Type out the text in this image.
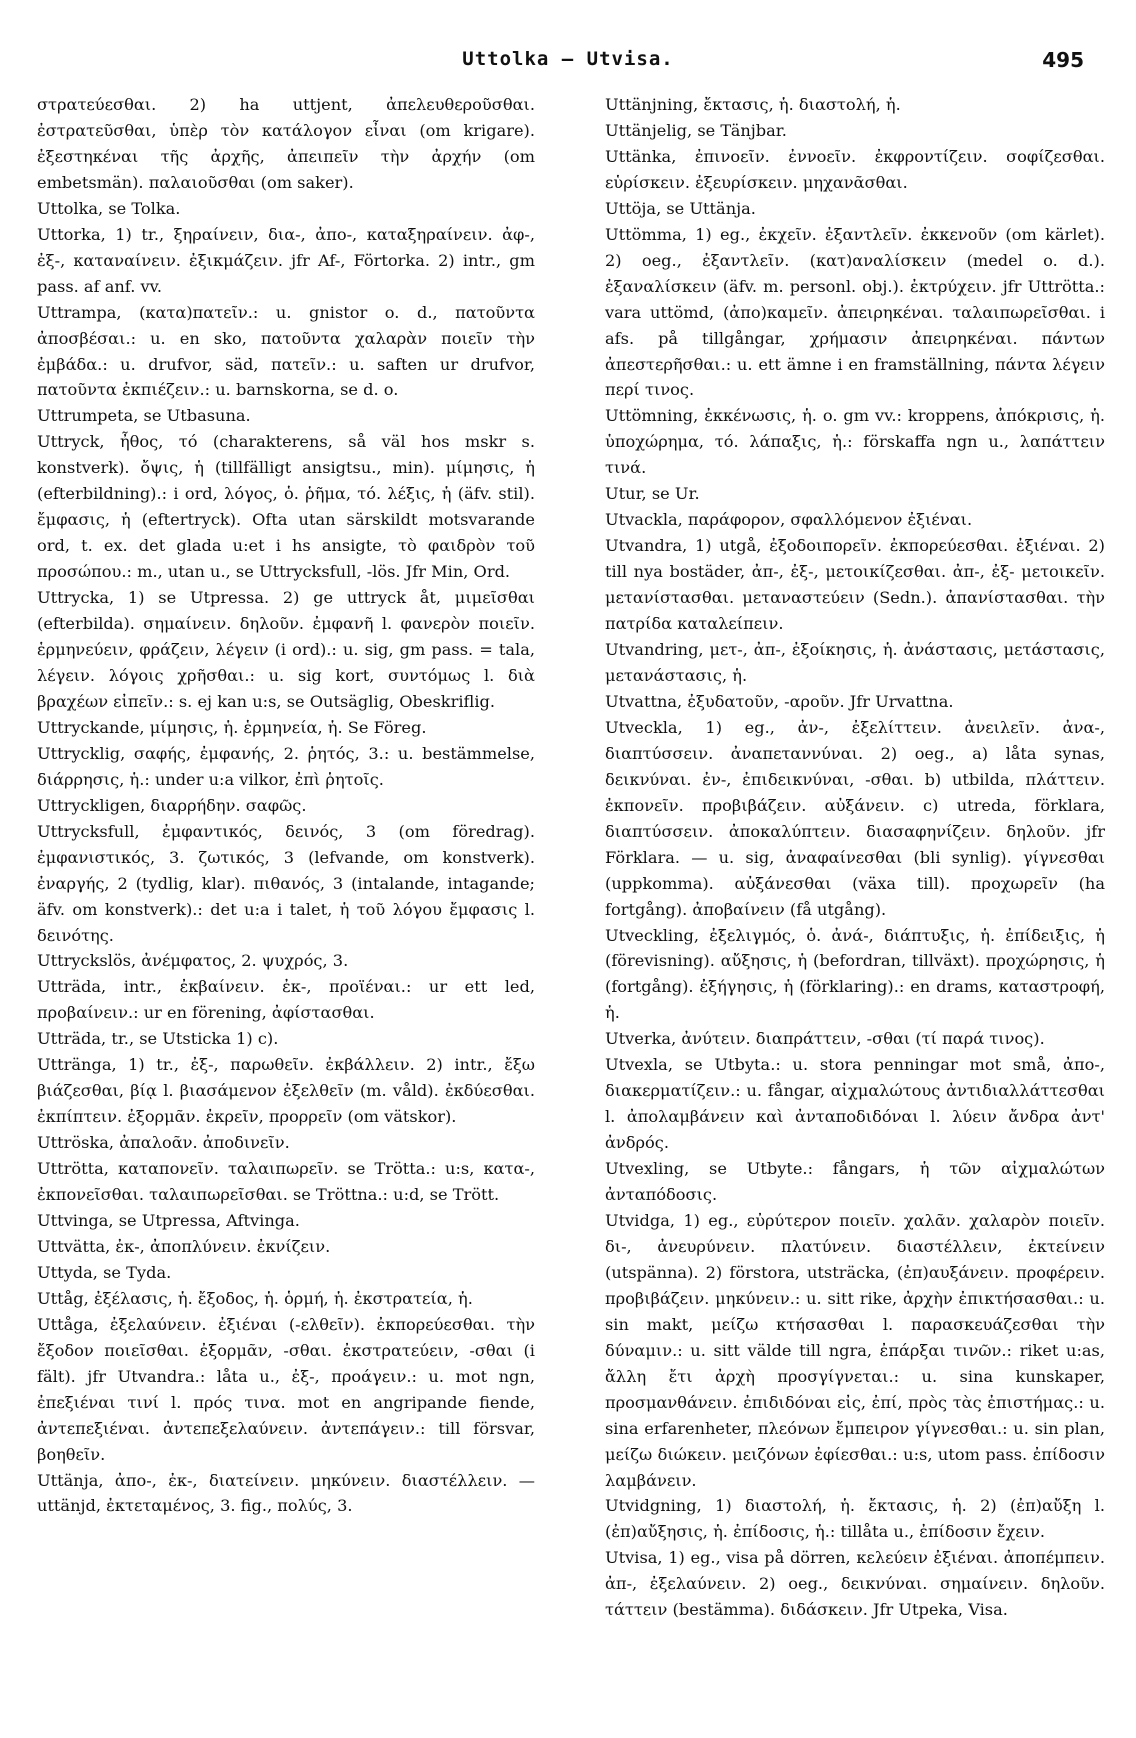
Uttolka — Utvisa.	495

στρατεύεσθαι. 2) ha uttjent, ἀπελευθεροῦσθαι. ἐστρατεῦσθαι, ὑπὲρ τὸν κατάλογον εἶναι (om krigare). ἐξεστηκέναι τῆς ἀρχῆς, ἀπειπεῖν τὴν ἀρχήν (om embetsmän). παλαιοῦσθαι (om saker).

Uttolka, se Tolka.

Uttorka, 1) tr., ξηραίνειν, δια-, ἀπο-, καταξηραίνειν. ἀφ-, ἐξ-, καταναίνειν. ἐξικμάζειν. jfr Af-, Förtorka. 2) intr., gm pass. af anf. vv.

Uttrampa, (κατα)πατεῖν.: u. gnistor o. d., πατοῦντα ἀποσβέσαι.: u. en sko, πατοῦντα χαλαρὰν ποιεῖν τὴν ἐμβάδα.: u. drufvor, säd, πατεῖν.: u. saften ur drufvor, πατοῦντα ἐκπιέζειν.: u. barnskorna, se d. o.

Uttrumpeta, se Utbasuna.

Uttryck, ἦθος, τό (charakterens, så väl hos mskr s. konstverk). ὄψις, ἡ (tillfälligt ansigtsu., min). μίμησις, ἡ (efterbildning).: i ord, λόγος, ὁ. ῥῆμα, τό. λέξις, ἡ (äfv. stil). ἔμφασις, ἡ (eftertryck). Ofta utan särskildt motsvarande ord, t. ex. det glada u:et i hs ansigte, τὸ φαιδρὸν τοῦ προσώπου.: m., utan u., se Uttrycksfull, -lös. Jfr Min, Ord.

Uttrycka, 1) se Utpressa. 2) ge uttryck åt, μιμεῖσθαι (efterbilda). σημαίνειν. δηλοῦν. ἐμφανῆ l. φανερὸν ποιεῖν. ἑρμηνεύειν, φράζειν, λέγειν (i ord).: u. sig, gm pass. = tala, λέγειν. λόγοις χρῆσθαι.: u. sig kort, συντόμως l. διὰ βραχέων εἰπεῖν.: s. ej kan u:s, se Outsäglig, Obeskriflig.

Uttryckande, μίμησις, ἡ. ἑρμηνεία, ἡ. Se Föreg.

Uttrycklig, σαφής, ἐμφανής, 2. ῥητός, 3.: u. bestämmelse, διάρρησις, ἡ.: under u:a vilkor, ἐπὶ ῥητοῖς.

Uttryckligen, διαρρήδην. σαφῶς.

Uttrycksfull, ἐμφαντικός, δεινός, 3 (om föredrag). ἐμφανιστικός, 3. ζωτικός, 3 (lefvande, om konstverk). ἐναργής, 2 (tydlig, klar). πιθανός, 3 (intalande, intagande; äfv. om konstverk).: det u:a i talet, ἡ τοῦ λόγου ἔμφασις l. δεινότης.

Uttryckslös, ἀνέμφατος, 2. ψυχρός, 3.

Utträda, intr., ἐκβαίνειν. ἐκ-, προϊέναι.: ur ett led, προβαίνειν.: ur en förening, ἀφίστασθαι.

Utträda, tr., se Utsticka 1) c).

Utträngа, 1) tr., ἐξ-, παρωθεῖν. ἐκβάλλειν. 2) intr., ἔξω βιάζεσθαι, βίᾳ l. βιασάμενον ἐξελθεῖν (m. våld). ἐκδύεσθαι. ἐκπίπτειν. ἐξορμᾶν. ἐκρεῖν, προρρεῖν (om vätskor).

Uttröska, ἀπαλοᾶν. ἀποδινεῖν.

Uttrötta, καταπονεῖν. ταλαιπωρεῖν. se Trötta.: u:s, κατα-, ἐκπονεῖσθαι. ταλαιπωρεῖσθαι. se Tröttna.: u:d, se Trött.

Uttvinga, se Utpressa, Aftvinga.

Uttvätta, ἐκ-, ἀποπλύνειν. ἐκνίζειν.

Uttyda, se Tyda.

Uttåg, ἐξέλασις, ἡ. ἔξοδος, ἡ. ὁρμή, ἡ. ἐκστρατεία, ἡ.

Uttåga, ἐξελαύνειν. ἐξιέναι (-ελθεῖν). ἐκπορεύεσθαι. τὴν ἔξοδον ποιεῖσθαι. ἐξορμᾶν, -σθαι. ἐκστρατεύειν, -σθαι (i fält). jfr Utvandra.: låta u., ἐξ-, προάγειν.: u. mot ngn, ἐπεξιέναι τινί l. πρός τινα. mot en angripande fiende, ἀντεπεξιέναι. ἀντεπεξελαύνειν. ἀντεπάγειν.: till försvar, βοηθεῖν.

Uttänja, ἀπο-, ἐκ-, διατείνειν. μηκύνειν. διαστέλλειν. — uttänjd, ἐκτεταμένος, 3. fig., πολύς, 3.

Uttänjning, ἔκτασις, ἡ. διαστολή, ἡ.

Uttänjelig, se Tänjbar.

Uttänka, ἐπινοεῖν. ἐννοεῖν. ἐκφροντίζειν. σοφίζεσθαι. εὑρίσκειν. ἐξευρίσκειν. μηχανᾶσθαι.

Uttöja, se Uttänja.

Uttömma, 1) eg., ἐκχεῖν. ἐξαντλεῖν. ἐκκενοῦν (om kärlet). 2) oeg., ἐξαντλεῖν. (κατ)αναλίσκειν (medel o. d.). ἐξαναλίσκειν (äfv. m. personl. obj.). ἐκτρύχειν. jfr Uttrötta.: vara uttömd, (ἀπο)καμεῖν. ἀπειρηκέναι. ταλαιπωρεῖσθαι. i afs. på tillgångar, χρήμασιν ἀπειρηκέναι. πάντων ἀπεστερῆσθαι.: u. ett ämne i en framställning, πάντα λέγειν περί τινος.

Uttömning, ἐκκένωσις, ἡ. o. gm vv.: kroppens, ἀπόκρισις, ἡ. ὑποχώρημα, τό. λάπαξις, ἡ.: förskaffa ngn u., λαπάττειν τινά.

Utur, se Ur.

Utvackla, παράφορον, σφαλλόμενον ἐξιέναι.

Utvandra, 1) utgå, ἐξοδοιπορεῖν. ἐκπορεύεσθαι. ἐξιέναι. 2) till nya bostäder, ἀπ-, ἐξ-, μετοικίζεσθαι. ἀπ-, ἐξ- μετοικεῖν. μετανίστασθαι. μεταναστεύειν (Sedn.). ἀπανίστασθαι. τὴν πατρίδα καταλείπειν.

Utvandring, μετ-, ἀπ-, ἐξοίκησις, ἡ. ἀνάστασις, μετάστασις, μετανάστασις, ἡ.

Utvattna, ἐξυδατοῦν, -αροῦν. Jfr Urvattna.

Utveckla, 1) eg., ἀν-, ἐξελίττειν. ἀνειλεῖν. ἀνα-, διαπτύσσειν. ἀναπεταννύναι. 2) oeg., a) låta synas, δεικνύναι. ἐν-, ἐπιδεικνύναι, -σθαι. b) utbilda, πλάττειν. ἐκπονεῖν. προβιβάζειν. αὐξάνειν. c) utreda, förklara, διαπτύσσειν. ἀποκαλύπτειν. διασαφηνίζειν. δηλοῦν. jfr Förklara. — u. sig, ἀναφαίνεσθαι (bli synlig). γίγνεσθαι (uppkomma). αὐξάνεσθαι (växa till). προχωρεῖν (ha fortgång). ἀποβαίνειν (få utgång).

Utveckling, ἐξελιγμός, ὁ. ἀνά-, διάπτυξις, ἡ. ἐπίδειξις, ἡ (förevisning). αὔξησις, ἡ (befordran, tillväxt). προχώρησις, ἡ (fortgång). ἐξήγησις, ἡ (förklaring).: en drams, καταστροφή, ἡ.

Utverka, ἀνύτειν. διαπράττειν, -σθαι (τί παρά τινος).

Utvexla, se Utbyta.: u. stora penningar mot små, ἀπο-, διακερματίζειν.: u. fångar, αἰχμαλώτους ἀντιδιαλλάττεσθαι l. ἀπολαμβάνειν καὶ ἀνταποδιδόναι l. λύειν ἄνδρα ἀντ' ἀνδρός.

Utvexling, se Utbyte.: fångars, ἡ τῶν αἰχμαλώτων ἀνταπόδοσις.

Utvidga, 1) eg., εὐρύτερον ποιεῖν. χαλᾶν. χαλαρὸν ποιεῖν. δι-, ἀνευρύνειν. πλατύνειν. διαστέλλειν, ἐκτείνειν (utspänna). 2) förstora, utsträcka, (ἐπ)αυξάνειν. προφέρειν. προβιβάζειν. μηκύνειν.: u. sitt rike, ἀρχὴν ἐπικτήσασθαι.: u. sin makt, μείζω κτήσασθαι l. παρασκευάζεσθαι τὴν δύναμιν.: u. sitt välde till ngra, ἐπάρξαι τινῶν.: riket u:as, ἄλλη ἔτι ἀρχὴ προσγίγνεται.: u. sina kunskaper, προσμανθάνειν. ἐπιδιδόναι εἰς, ἐπί, πρὸς τὰς ἐπιστήμας.: u. sina erfarenheter, πλεόνων ἔμπειρον γίγνεσθαι.: u. sin plan, μείζω διώκειν. μειζόνων ἐφίεσθαι.: u:s, utom pass. ἐπίδοσιν λαμβάνειν.

Utvidgning, 1) διαστολή, ἡ. ἔκτασις, ἡ. 2) (ἐπ)αὔξη l. (ἐπ)αὔξησις, ἡ. ἐπίδοσις, ἡ.: tillåta u., ἐπίδοσιν ἔχειν.

Utvisa, 1) eg., visa på dörren, κελεύειν ἐξιέναι. ἀποπέμπειν. ἀπ-, ἐξελαύνειν. 2) oeg., δεικνύναι. σημαίνειν. δηλοῦν. τάττειν (bestämma). διδάσκειν. Jfr Utpeka, Visa.
